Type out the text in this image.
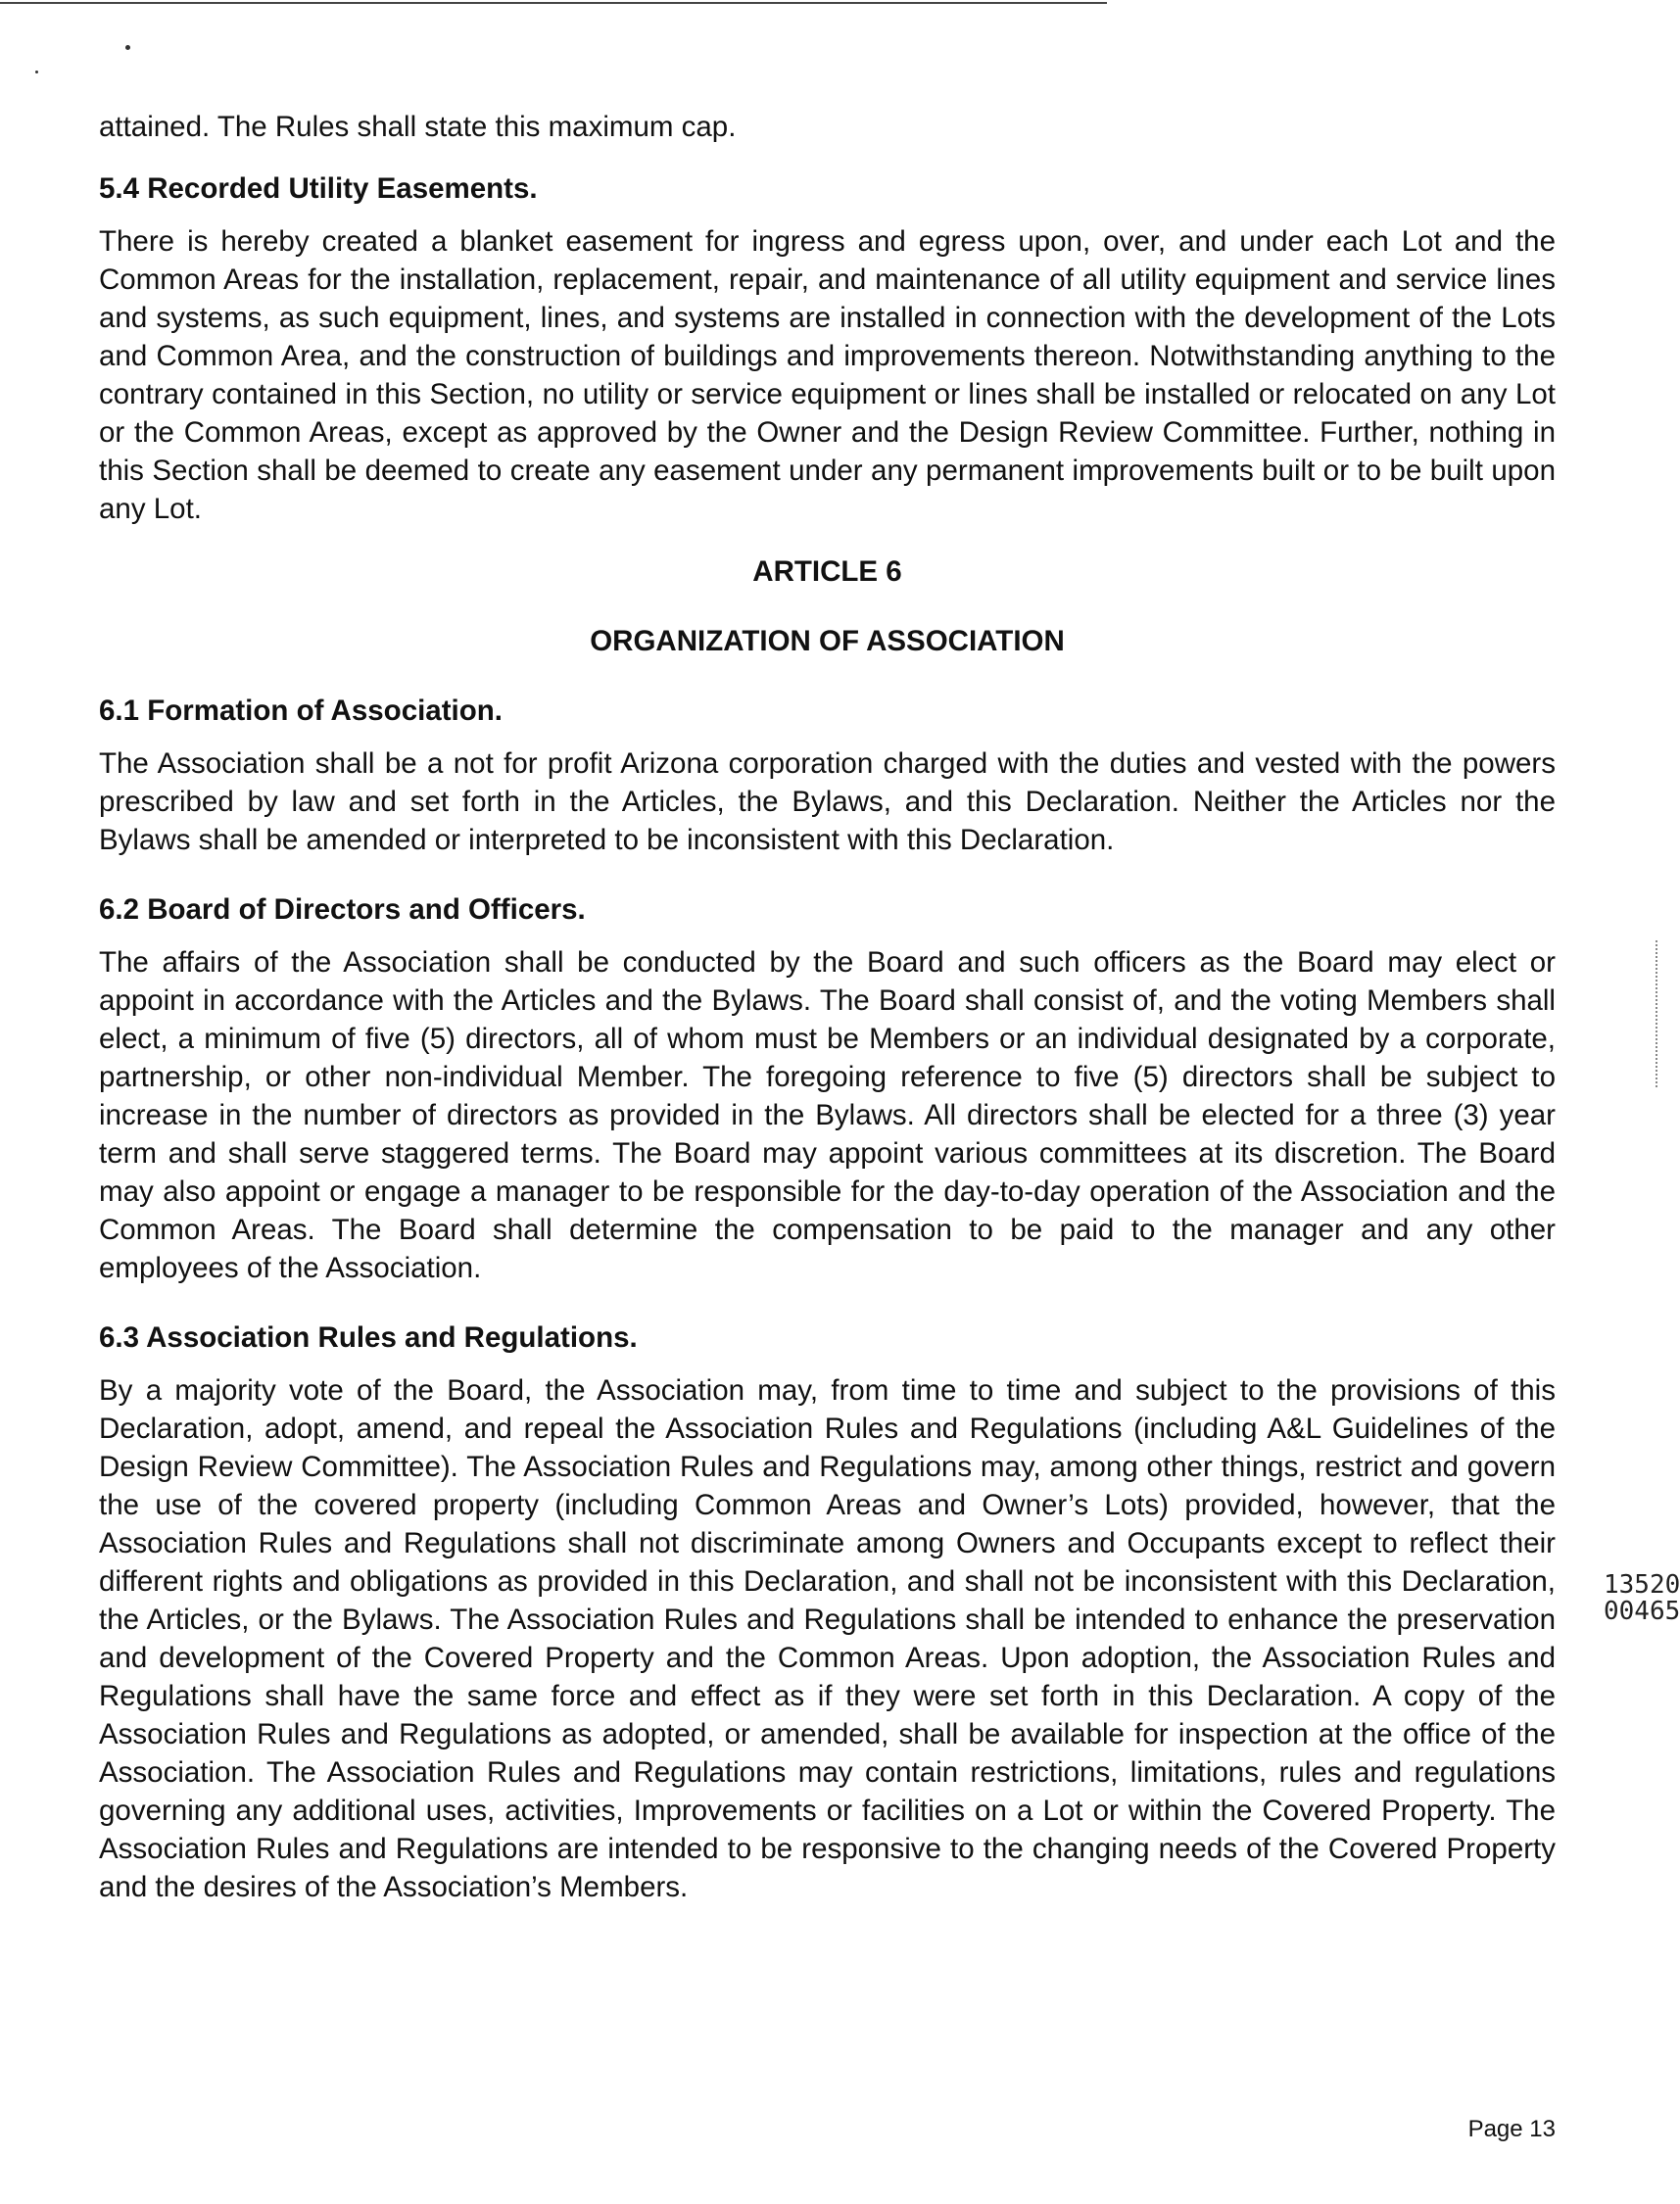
attained. The Rules shall state this maximum cap.

5.4 Recorded Utility Easements.

There is hereby created a blanket easement for ingress and egress upon, over, and under each Lot and the Common Areas for the installation, replacement, repair, and maintenance of all utility equipment and service lines and systems, as such equipment, lines, and systems are installed in connection with the development of the Lots and Common Area, and the construction of buildings and improvements thereon. Notwithstanding anything to the contrary contained in this Section, no utility or service equipment or lines shall be installed or relocated on any Lot or the Common Areas, except as approved by the Owner and the Design Review Committee. Further, nothing in this Section shall be deemed to create any easement under any permanent improvements built or to be built upon any Lot.

ARTICLE 6
ORGANIZATION OF ASSOCIATION
6.1 Formation of Association.

The Association shall be a not for profit Arizona corporation charged with the duties and vested with the powers prescribed by law and set forth in the Articles, the Bylaws, and this Declaration. Neither the Articles nor the Bylaws shall be amended or interpreted to be inconsistent with this Declaration.

6.2 Board of Directors and Officers.

The affairs of the Association shall be conducted by the Board and such officers as the Board may elect or appoint in accordance with the Articles and the Bylaws. The Board shall consist of, and the voting Members shall elect, a minimum of five (5) directors, all of whom must be Members or an individual designated by a corporate, partnership, or other non-individual Member. The foregoing reference to five (5) directors shall be subject to increase in the number of directors as provided in the Bylaws. All directors shall be elected for a three (3) year term and shall serve staggered terms. The Board may appoint various committees at its discretion. The Board may also appoint or engage a manager to be responsible for the day-to-day operation of the Association and the Common Areas. The Board shall determine the compensation to be paid to the manager and any other employees of the Association.

6.3 Association Rules and Regulations.

By a majority vote of the Board, the Association may, from time to time and subject to the provisions of this Declaration, adopt, amend, and repeal the Association Rules and Regulations (including A&L Guidelines of the Design Review Committee). The Association Rules and Regulations may, among other things, restrict and govern the use of the covered property (including Common Areas and Owner’s Lots) provided, however, that the Association Rules and Regulations shall not discriminate among Owners and Occupants except to reflect their different rights and obligations as provided in this Declaration, and shall not be inconsistent with this Declaration, the Articles, or the Bylaws. The Association Rules and Regulations shall be intended to enhance the preservation and development of the Covered Property and the Common Areas. Upon adoption, the Association Rules and Regulations shall have the same force and effect as if they were set forth in this Declaration. A copy of the Association Rules and Regulations as adopted, or amended, shall be available for inspection at the office of the Association. The Association Rules and Regulations may contain restrictions, limitations, rules and regulations governing any additional uses, activities, Improvements or facilities on a Lot or within the Covered Property. The Association Rules and Regulations are intended to be responsive to the changing needs of the Covered Property and the desires of the Association’s Members.

13520 00465
Page 13
